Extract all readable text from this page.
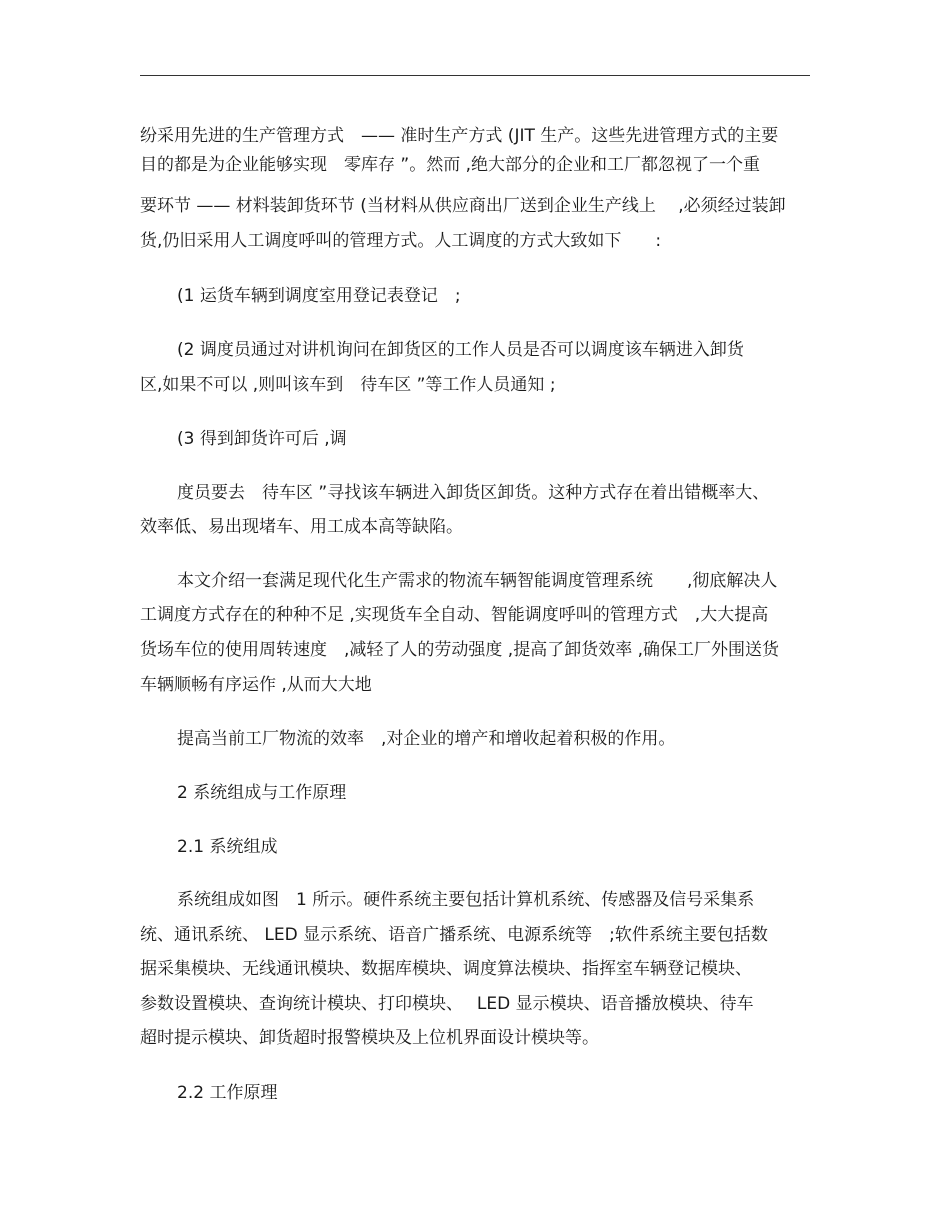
纷采用先进的生产管理方式　—— 准时生产方式 (JIT 生产。这些先进管理方式的主要
目的都是为企业能够实现　零库存 ”。然而 ,绝大部分的企业和工厂都忽视了一个重
要环节 —— 材料装卸货环节 (当材料从供应商出厂送到企业生产线上　 ,必须经过装卸
货,仍旧采用人工调度呼叫的管理方式。人工调度的方式大致如下　　:
(1 运货车辆到调度室用登记表登记　;
(2 调度员通过对讲机询问在卸货区的工作人员是否可以调度该车辆进入卸货
区,如果不可以 ,则叫该车到　待车区 ”等工作人员通知 ;
(3 得到卸货许可后 ,调
度员要去　待车区 ”寻找该车辆进入卸货区卸货。这种方式存在着出错概率大、
效率低、易出现堵车、用工成本高等缺陷。
本文介绍一套满足现代化生产需求的物流车辆智能调度管理系统　　,彻底解决人
工调度方式存在的种种不足 ,实现货车全自动、智能调度呼叫的管理方式　,大大提高
货场车位的使用周转速度　,减轻了人的劳动强度 ,提高了卸货效率 ,确保工厂外围送货
车辆顺畅有序运作 ,从而大大地
提高当前工厂物流的效率　,对企业的增产和增收起着积极的作用。
2 系统组成与工作原理
2.1 系统组成
系统组成如图　1 所示。硬件系统主要包括计算机系统、传感器及信号采集系
统、通讯系统、 LED 显示系统、语音广播系统、电源系统等　;软件系统主要包括数
据采集模块、无线通讯模块、数据库模块、调度算法模块、指挥室车辆登记模块、
参数设置模块、查询统计模块、打印模块、　 LED 显示模块、语音播放模块、待车
超时提示模块、卸货超时报警模块及上位机界面设计模块等。
2.2 工作原理
